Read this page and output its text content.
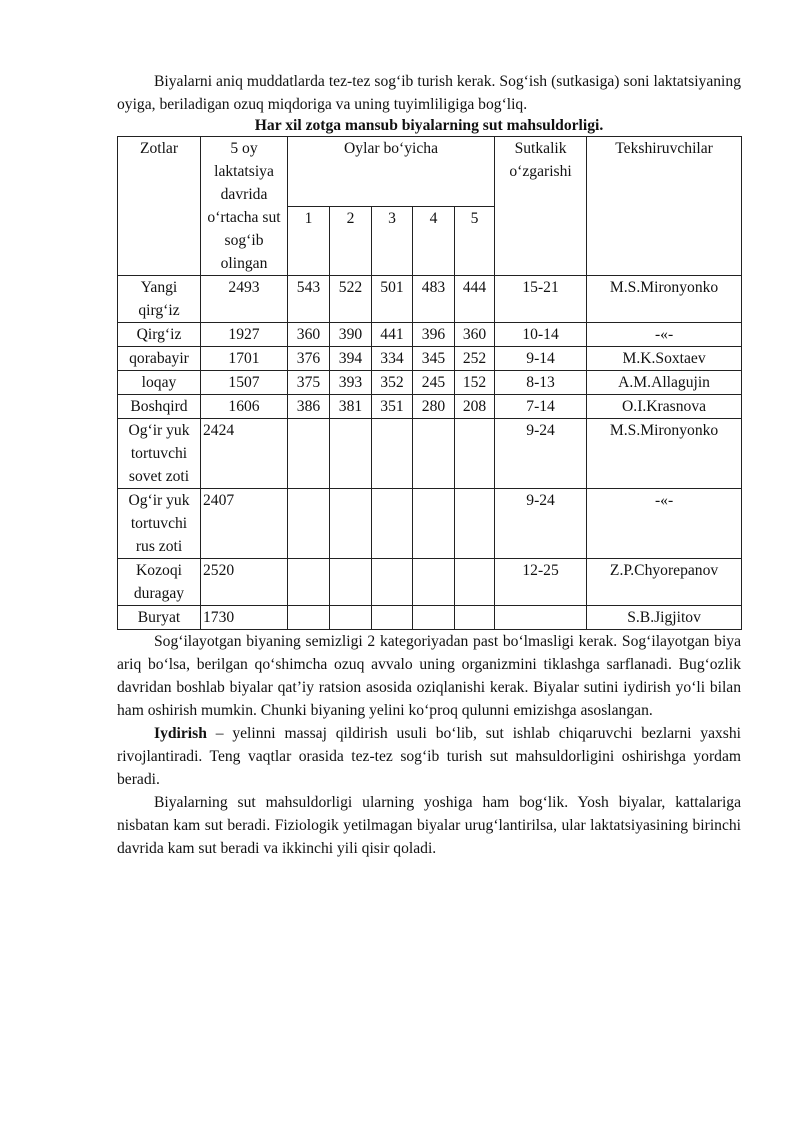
Biyalarni aniq muddatlarda tez-tez sog‘ib turish kerak. Sog‘ish (sutkasiga) soni laktatsiyaning oyiga, beriladigan ozuq miqdoriga va uning tuyimliligiga bog‘liq.

Har xil zotga mansub biyalarning sut mahsuldorligi.
Zotlar	5 oy laktatsiya davrida o‘rtacha sut sog‘ib olingan	Oylar bo‘yicha					Sutkalik o‘zgarishi	Tekshiruvchilar
		1	2	3	4	5		
Yangi qirg‘iz	2493	543	522	501	483	444	15-21	M.S.Mironyonko
Qirg‘iz	1927	360	390	441	396	360	10-14	-«-
qorabayir	1701	376	394	334	345	252	9-14	M.K.Soxtaev
loqay	1507	375	393	352	245	152	8-13	A.M.Allagujin
Boshqird	1606	386	381	351	280	208	7-14	O.I.Krasnova
Og‘ir yuk tortuvchi sovet zoti	2424						9-24	M.S.Mironyonko
Og‘ir yuk tortuvchi rus zoti	2407						9-24	-«-
Kozoqi duragay	2520						12-25	Z.P.Chyorepanov
Buryat	1730							S.B.Jigjitov

Sog‘ilayotgan biyaning semizligi 2 kategoriyadan past bo‘lmasligi kerak. Sog‘ilayotgan biya ariq bo‘lsa, berilgan qo‘shimcha ozuq avvalo uning organizmini tiklashga sarflanadi. Bug‘ozlik davridan boshlab biyalar qat’iy ratsion asosida oziqlanishi kerak. Biyalar sutini iydirish yo‘li bilan ham oshirish mumkin. Chunki biyaning yelini ko‘proq qulunni emizishga asoslangan.

Iydirish – yelinni massaj qildirish usuli bo‘lib, sut ishlab chiqaruvchi bezlarni yaxshi rivojlantiradi. Teng vaqtlar orasida tez-tez sog‘ib turish sut mahsuldorligini oshirishga yordam beradi.

Biyalarning sut mahsuldorligi ularning yoshiga ham bog‘lik. Yosh biyalar, kattalariga nisbatan kam sut beradi. Fiziologik yetilmagan biyalar urug‘lantirilsa, ular laktatsiyasining birinchi davrida kam sut beradi va ikkinchi yili qisir qoladi.
